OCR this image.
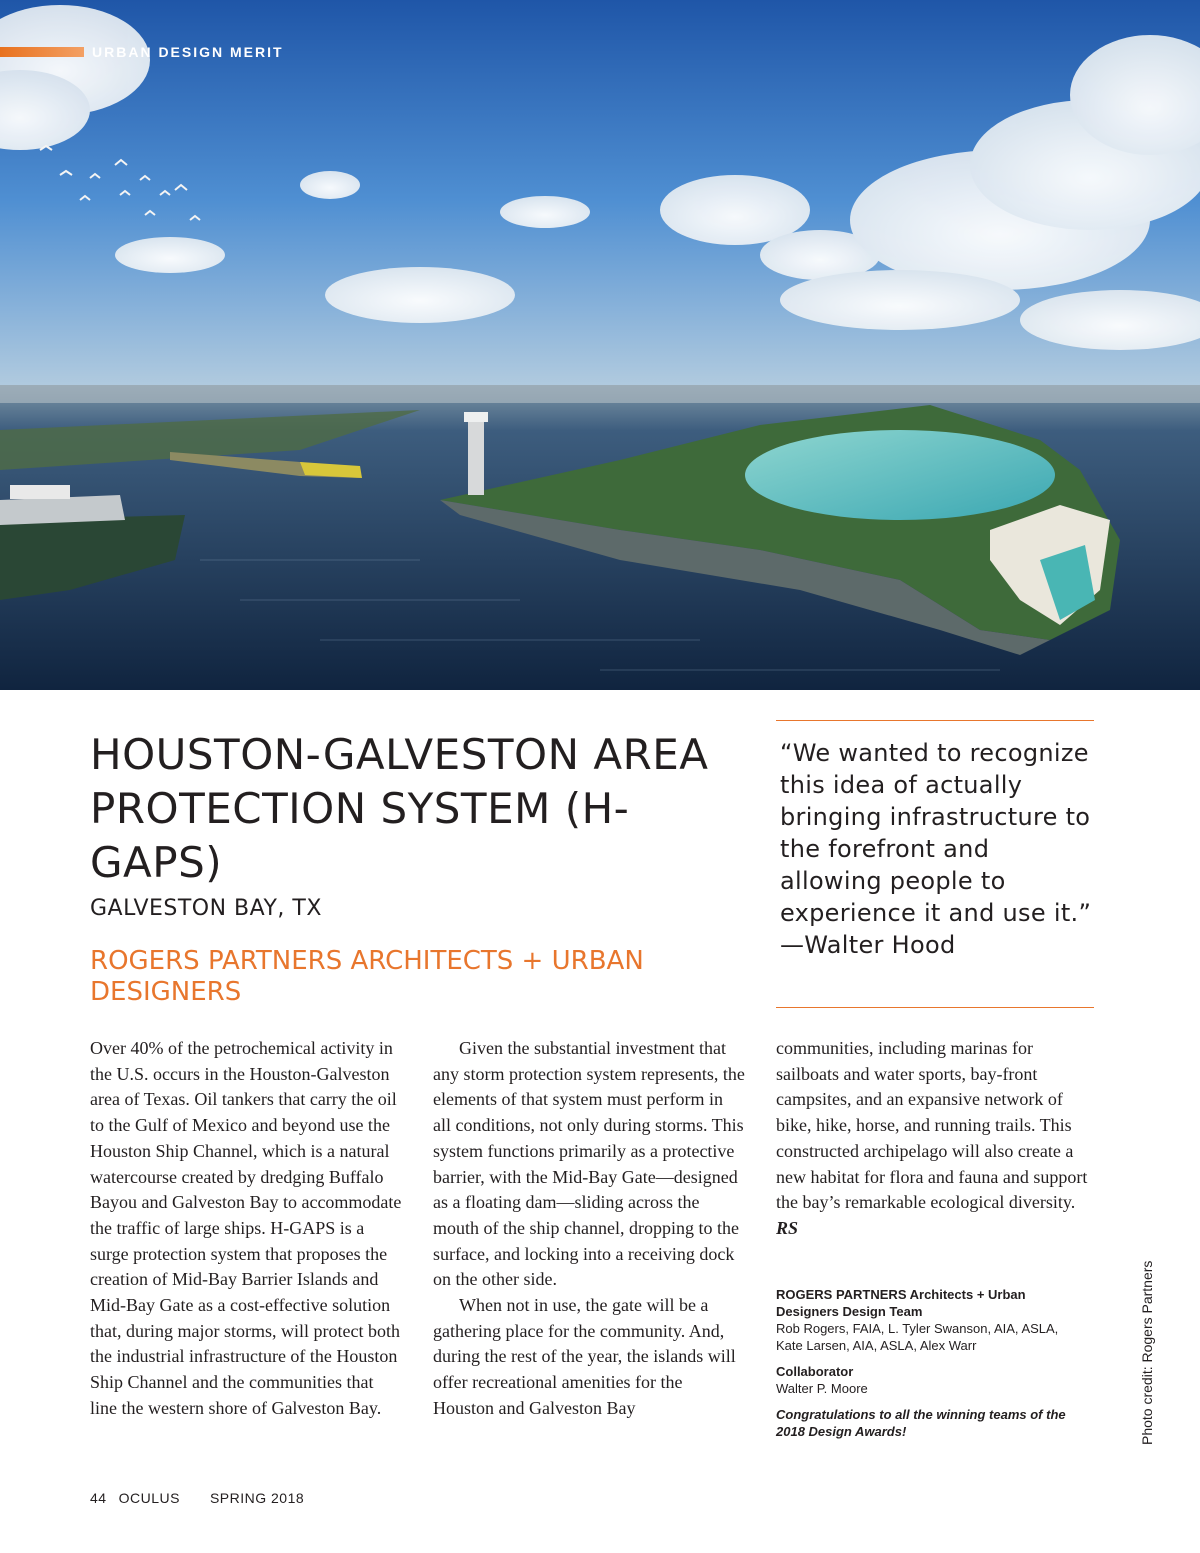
URBAN DESIGN MERIT
HOUSTON-GALVESTON AREA PROTECTION SYSTEM (H-GAPS)
GALVESTON BAY, TX
ROGERS PARTNERS ARCHITECTS + URBAN DESIGNERS

“We wanted to recognize this idea of actually bringing infrastructure to the forefront and allowing people to experience it and use it.”

—Walter Hood

Over 40% of the petrochemical activity in the U.S. occurs in the Houston-Galveston area of Texas. Oil tankers that carry the oil to the Gulf of Mexico and beyond use the Houston Ship Channel, which is a natural watercourse created by dredging Buffalo Bayou and Galveston Bay to accommodate the traffic of large ships. H-GAPS is a surge protection system that proposes the creation of Mid-Bay Barrier Islands and Mid-Bay Gate as a cost-effective solution that, during major storms, will protect both the industrial infrastructure of the Houston Ship Channel and the communities that line the western shore of Galveston Bay.

Given the substantial investment that any storm protection system represents, the elements of that system must perform in all conditions, not only during storms. This system functions primarily as a protective barrier, with the Mid-Bay Gate—designed as a floating dam—sliding across the mouth of the ship channel, dropping to the surface, and locking into a receiving dock on the other side.

When not in use, the gate will be a gathering place for the community. And, during the rest of the year, the islands will offer recreational amenities for the Houston and Galveston Bay

communities, including marinas for sailboats and water sports, bay-front campsites, and an expansive network of bike, hike, horse, and running trails. This constructed archipelago will also create a new habitat for flora and fauna and support the bay’s remarkable ecological diversity. RS

ROGERS PARTNERS Architects + Urban Designers Design Team
Rob Rogers, FAIA, L. Tyler Swanson, AIA, ASLA, Kate Larsen, AIA, ASLA, Alex Warr
Collaborator
Walter P. Moore
Congratulations to all the winning teams of the 2018 Design Awards!	Photo credit: Rogers Partners
44 OCULUS SPRING 2018
